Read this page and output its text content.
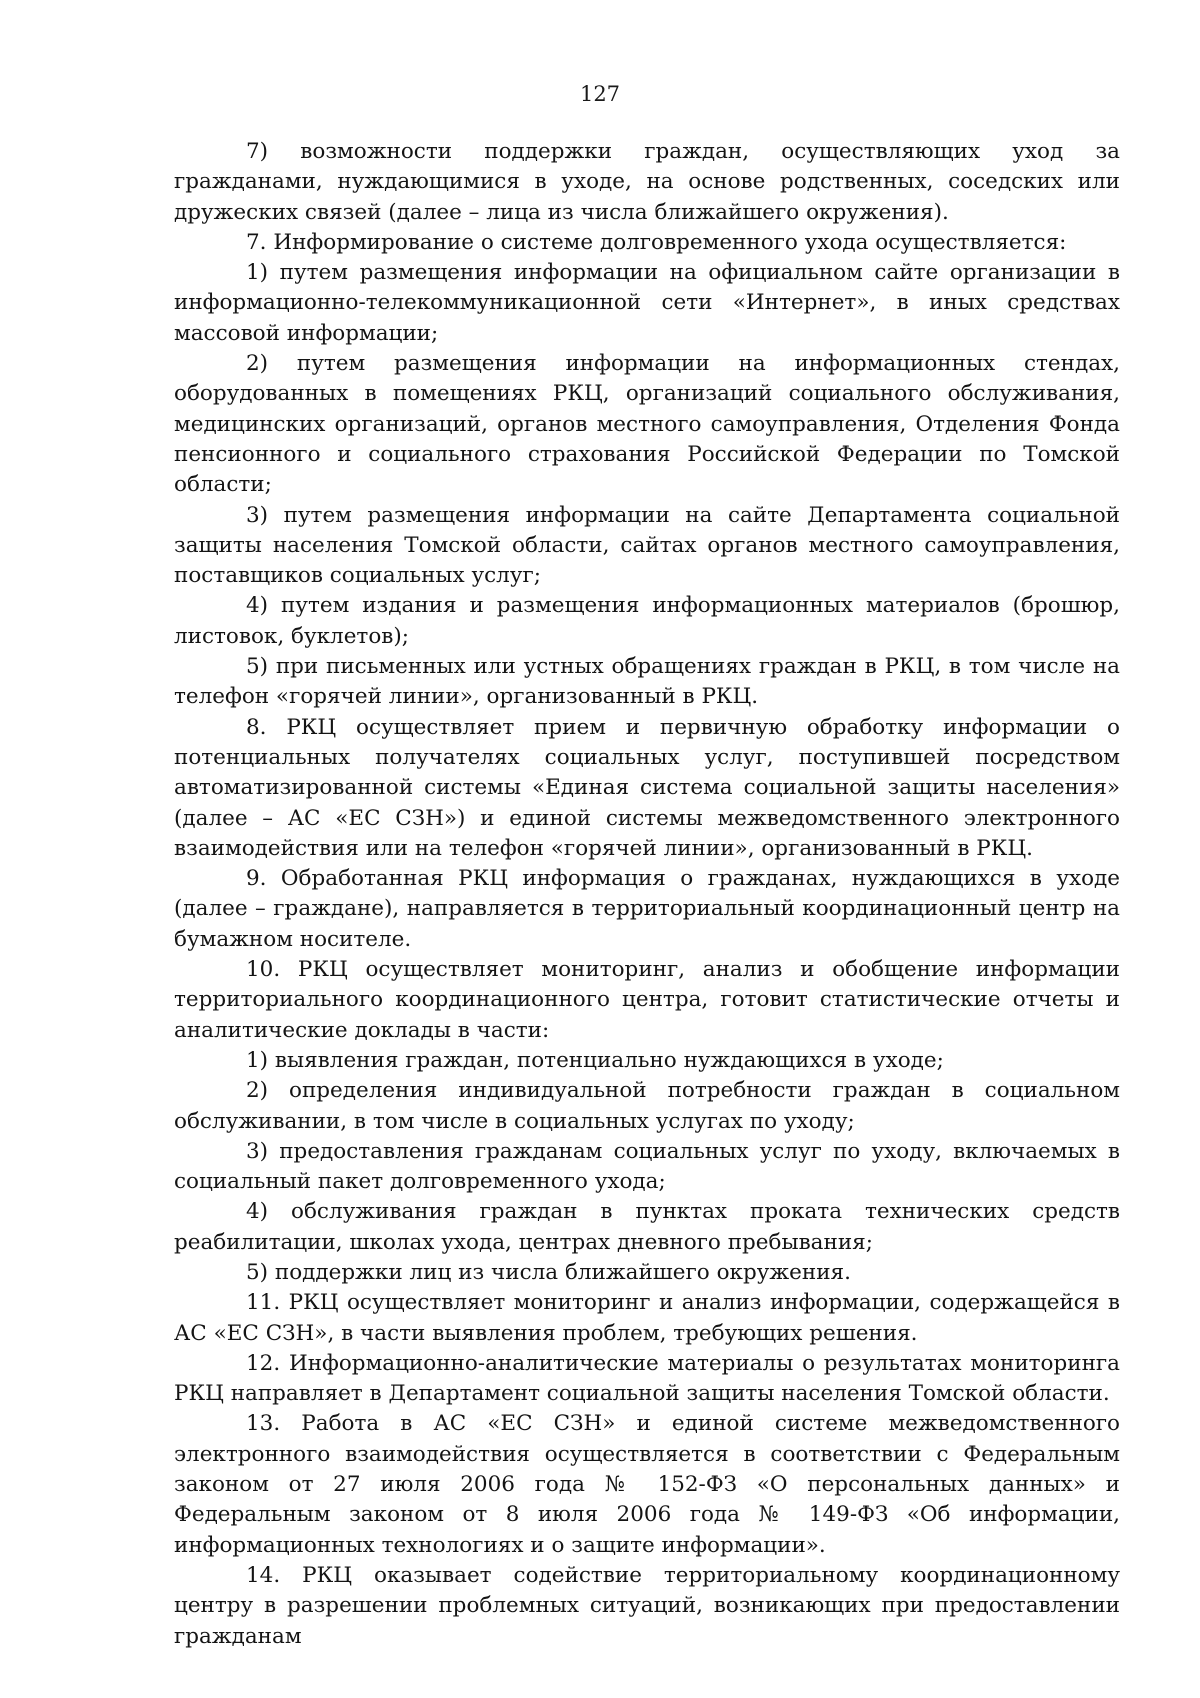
127

7) возможности поддержки граждан, осуществляющих уход за гражданами, нуждающимися в уходе, на основе родственных, соседских или дружеских связей (далее – лица из числа ближайшего окружения).

7. Информирование о системе долговременного ухода осуществляется:

1) путем размещения информации на официальном сайте организации в информационно-телекоммуникационной сети «Интернет», в иных средствах массовой информации;

2) путем размещения информации на информационных стендах, оборудованных в помещениях РКЦ, организаций социального обслуживания, медицинских организаций, органов местного самоуправления, Отделения Фонда пенсионного и социального страхования Российской Федерации по Томской области;

3) путем размещения информации на сайте Департамента социальной защиты населения Томской области, сайтах органов местного самоуправления, поставщиков социальных услуг;

4) путем издания и размещения информационных материалов (брошюр, листовок, буклетов);

5) при письменных или устных обращениях граждан в РКЦ, в том числе на телефон «горячей линии», организованный в РКЦ.

8. РКЦ осуществляет прием и первичную обработку информации о потенциальных получателях социальных услуг, поступившей посредством автоматизированной системы «Единая система социальной защиты населения» (далее – АС «ЕС СЗН») и единой системы межведомственного электронного взаимодействия или на телефон «горячей линии», организованный в РКЦ.

9. Обработанная РКЦ информация о гражданах, нуждающихся в уходе (далее – граждане), направляется в территориальный координационный центр на бумажном носителе.

10. РКЦ осуществляет мониторинг, анализ и обобщение информации территориального координационного центра, готовит статистические отчеты и аналитические доклады в части:

1) выявления граждан, потенциально нуждающихся в уходе;

2) определения индивидуальной потребности граждан в социальном обслуживании, в том числе в социальных услугах по уходу;

3) предоставления гражданам социальных услуг по уходу, включаемых в социальный пакет долговременного ухода;

4) обслуживания граждан в пунктах проката технических средств реабилитации, школах ухода, центрах дневного пребывания;

5) поддержки лиц из числа ближайшего окружения.

11. РКЦ осуществляет мониторинг и анализ информации, содержащейся в АС «ЕС СЗН», в части выявления проблем, требующих решения.

12. Информационно-аналитические материалы о результатах мониторинга РКЦ направляет в Департамент социальной защиты населения Томской области.

13. Работа в АС «ЕС СЗН» и единой системе межведомственного электронного взаимодействия осуществляется в соответствии с Федеральным законом от 27 июля 2006 года № 152-ФЗ «О персональных данных» и Федеральным законом от 8 июля 2006 года № 149-ФЗ «Об информации, информационных технологиях и о защите информации».

14. РКЦ оказывает содействие территориальному координационному центру в разрешении проблемных ситуаций, возникающих при предоставлении гражданам
